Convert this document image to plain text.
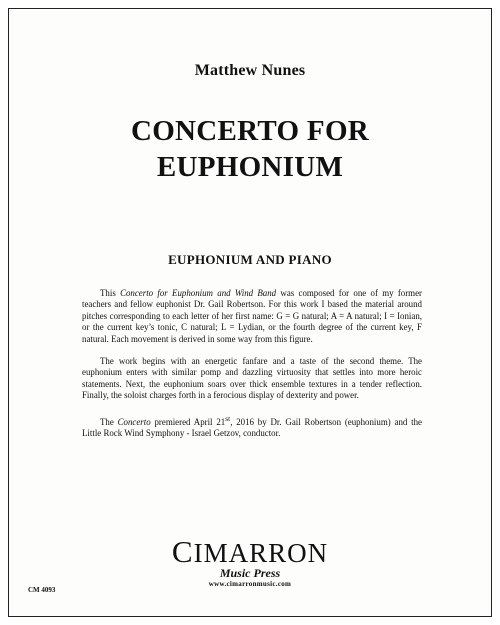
Matthew Nunes
CONCERTO FOR
EUPHONIUM
EUPHONIUM AND PIANO

This Concerto for Euphonium and Wind Band was composed for one of my former teachers and fellow euphonist Dr. Gail Robertson. For this work I based the material around pitches corresponding to each letter of her first name: G = G natural; A = A natural; I = Ionian, or the current key’s tonic, C natural; L = Lydian, or the fourth degree of the current key, F natural. Each movement is derived in some way from this figure.

The work begins with an energetic fanfare and a taste of the second theme. The euphonium enters with similar pomp and dazzling virtuosity that settles into more heroic statements. Next, the euphonium soars over thick ensemble textures in a tender reflection. Finally, the soloist charges forth in a ferocious display of dexterity and power.

The Concerto premiered April 21st, 2016 by Dr. Gail Robertson (euphonium) and the Little Rock Wind Symphony - Israel Getzov, conductor.

CIMARRON
Music Press
www.cimarronmusic.com
CM 4093
